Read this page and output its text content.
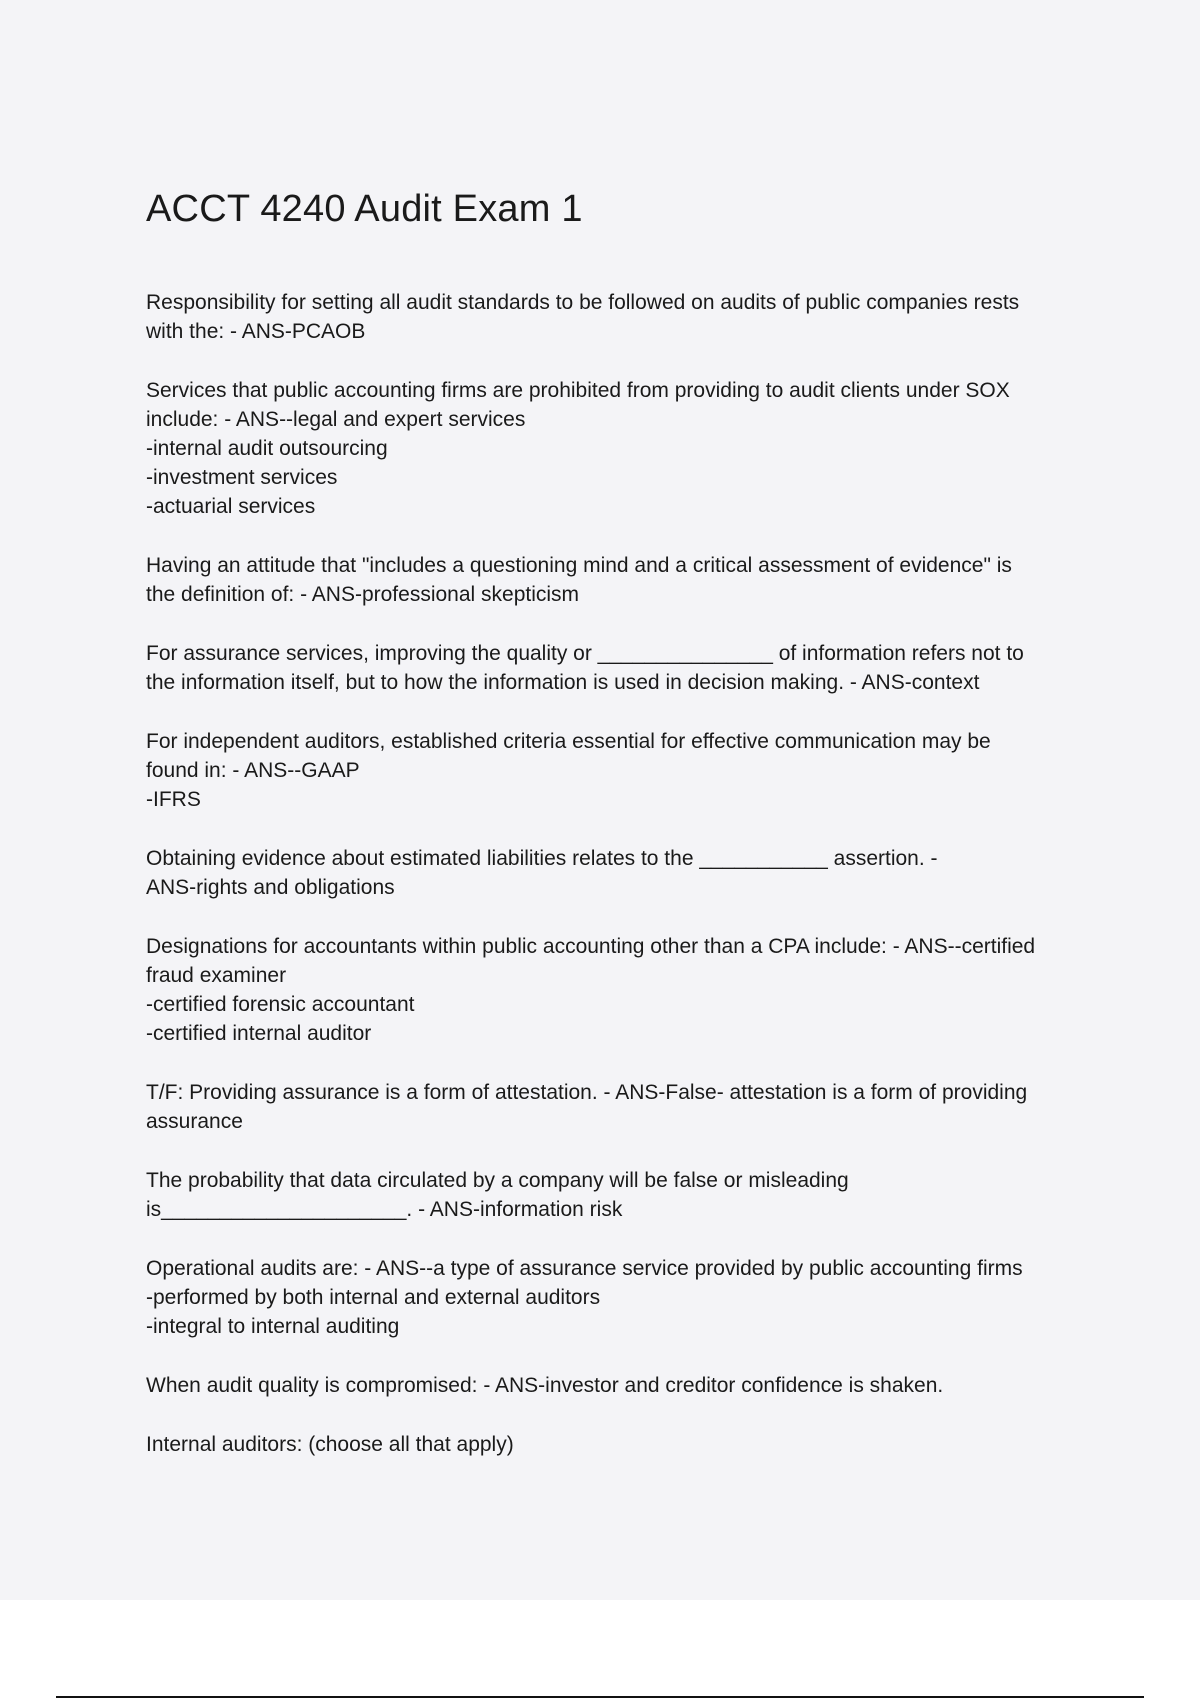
ACCT 4240 Audit Exam 1

Responsibility for setting all audit standards to be followed on audits of public companies rests
with the: - ANS-PCAOB

Services that public accounting firms are prohibited from providing to audit clients under SOX
include: - ANS--legal and expert services
-internal audit outsourcing
-investment services
-actuarial services

Having an attitude that "includes a questioning mind and a critical assessment of evidence" is
the definition of: - ANS-professional skepticism

For assurance services, improving the quality or _______________ of information refers not to
the information itself, but to how the information is used in decision making. - ANS-context

For independent auditors, established criteria essential for effective communication may be
found in: - ANS--GAAP
-IFRS

Obtaining evidence about estimated liabilities relates to the ___________ assertion. -
ANS-rights and obligations

Designations for accountants within public accounting other than a CPA include: - ANS--certified
fraud examiner
-certified forensic accountant
-certified internal auditor

T/F: Providing assurance is a form of attestation. - ANS-False- attestation is a form of providing
assurance

The probability that data circulated by a company will be false or misleading
is_____________________. - ANS-information risk

Operational audits are: - ANS--a type of assurance service provided by public accounting firms
-performed by both internal and external auditors
-integral to internal auditing

When audit quality is compromised: - ANS-investor and creditor confidence is shaken.

Internal auditors: (choose all that apply)
